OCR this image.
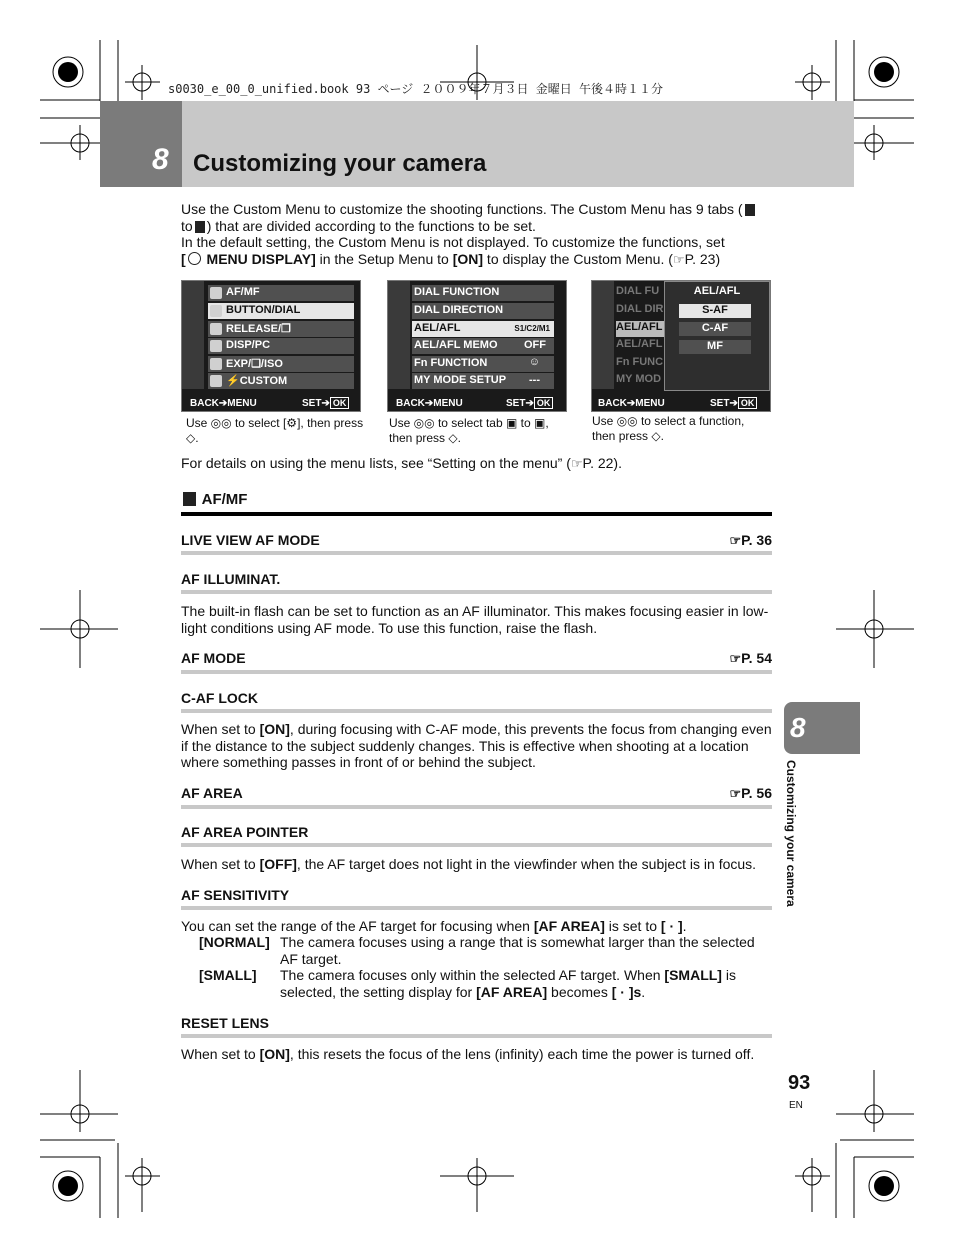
s0030_e_00_0_unified.book 93 ページ ２００９年７月３日 金曜日 午後４時１１分
8 Customizing your camera
Use the Custom Menu to customize the shooting functions. The Custom Menu has 9 tabs (
to ) that are divided according to the functions to be set.
In the default setting, the Custom Menu is not displayed. To customize the functions, set
[ MENU DISPLAY] in the Setup Menu to [ON] to display the Custom Menu. (☞P. 23)
AF/MF
BUTTON/DIAL
RELEASE/❐
DISP/PC
EXP/❑/ISO
⚡CUSTOM
BACK➔MENU	SET➔ OK
Use ◎◎ to select [⚙], then press ◇.
DIAL FUNCTION
DIAL DIRECTION
AEL/AFL	S1/C2/M1
AEL/AFL MEMO OFF
Fn FUNCTION	☺
MY MODE SETUP ---
BACK➔MENU	SET➔ OK
Use ◎◎ to select tab ▣ to ▣, then press ◇.
DIAL FU
DIAL DIR
AEL/AFL
AEL/AFL
Fn FUNC
MY MOD
AEL/AFL
S-AF
C-AF
MF
BACK➔MENU	SET➔ OK
Use ◎◎ to select a function, then press ◇.
For details on using the menu lists, see “Setting on the menu” (☞P. 22).
AF/MF
LIVE VIEW AF MODE	☞P. 36
AF ILLUMINAT.
The built-in flash can be set to function as an AF illuminator. This makes focusing easier in low-light conditions using AF mode. To use this function, raise the flash.
AF MODE	☞P. 54
C-AF LOCK
When set to [ON], during focusing with C-AF mode, this prevents the focus from changing even if the distance to the subject suddenly changes. This is effective when shooting at a location where something passes in front of or behind the subject.
AF AREA	☞P. 56
AF AREA POINTER
When set to [OFF], the AF target does not light in the viewfinder when the subject is in focus.
AF SENSITIVITY
You can set the range of the AF target for focusing when [AF AREA] is set to [ · ].
[NORMAL] The camera focuses using a range that is somewhat larger than the selected AF target.
[SMALL] The camera focuses only within the selected AF target. When [SMALL] is selected, the setting display for [AF AREA] becomes [ · ]s.
RESET LENS
When set to [ON], this resets the focus of the lens (infinity) each time the power is turned off.
8
Customizing your camera
93
EN
